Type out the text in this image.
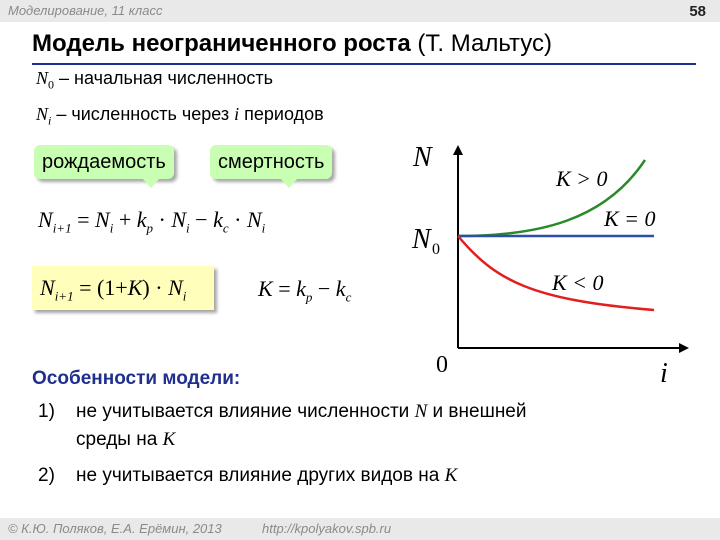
Моделирование, 11 класс	58
Модель неограниченного роста (Т. Мальтус)
$N_0$ – начальная численность
$N_i$ – численность через i периодов
рождаемость	смертность
$N_{i+1} = N_i + k_p \cdot N_i - k_c \cdot N_i$
$N_{i+1} = (1+K) \cdot N_i$	$K = k_p - k_c$
N
i
0
N 0
K > 0
K = 0
K < 0
Особенности модели:
1) не учитывается влияние численности N и внешней
среды на K
2) не учитывается влияние других видов на K
© К.Ю. Поляков, Е.А. Ерёмин, 2013	http://kpolyakov.spb.ru
